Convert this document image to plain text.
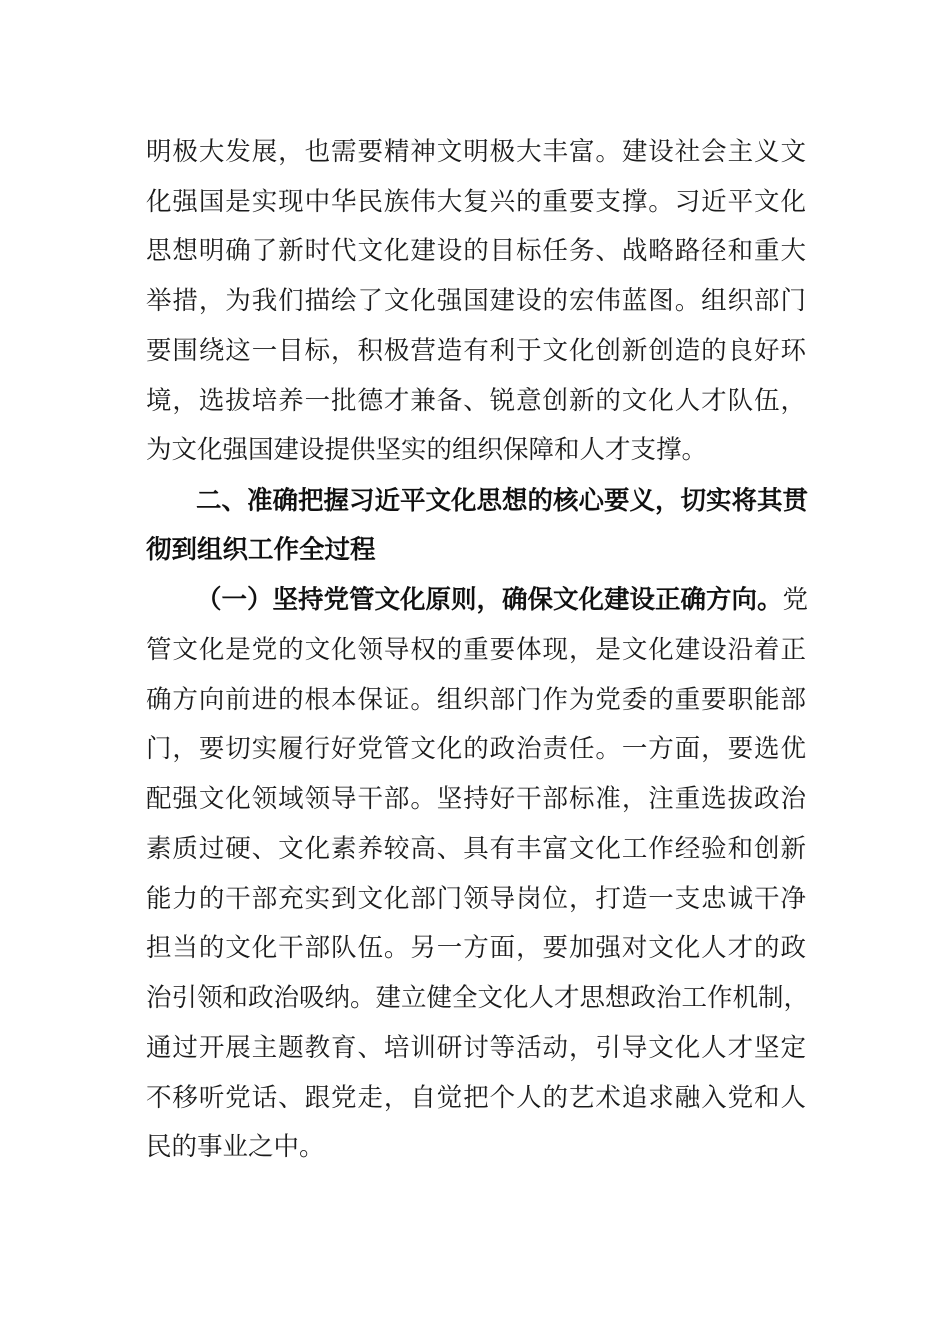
明极大发展，也需要精神文明极大丰富。建设社会主义文
化强国是实现中华民族伟大复兴的重要支撑。习近平文化
思想明确了新时代文化建设的目标任务、战略路径和重大
举措，为我们描绘了文化强国建设的宏伟蓝图。组织部门
要围绕这一目标，积极营造有利于文化创新创造的良好环
境，选拔培养一批德才兼备、锐意创新的文化人才队伍，
为文化强国建设提供坚实的组织保障和人才支撑。
二、准确把握习近平文化思想的核心要义，切实将其贯
彻到组织工作全过程
（一）坚持党管文化原则，确保文化建设正确方向。党
管文化是党的文化领导权的重要体现，是文化建设沿着正
确方向前进的根本保证。组织部门作为党委的重要职能部
门，要切实履行好党管文化的政治责任。一方面，要选优
配强文化领域领导干部。坚持好干部标准，注重选拔政治
素质过硬、文化素养较高、具有丰富文化工作经验和创新
能力的干部充实到文化部门领导岗位，打造一支忠诚干净
担当的文化干部队伍。另一方面，要加强对文化人才的政
治引领和政治吸纳。建立健全文化人才思想政治工作机制，
通过开展主题教育、培训研讨等活动，引导文化人才坚定
不移听党话、跟党走，自觉把个人的艺术追求融入党和人
民的事业之中。
